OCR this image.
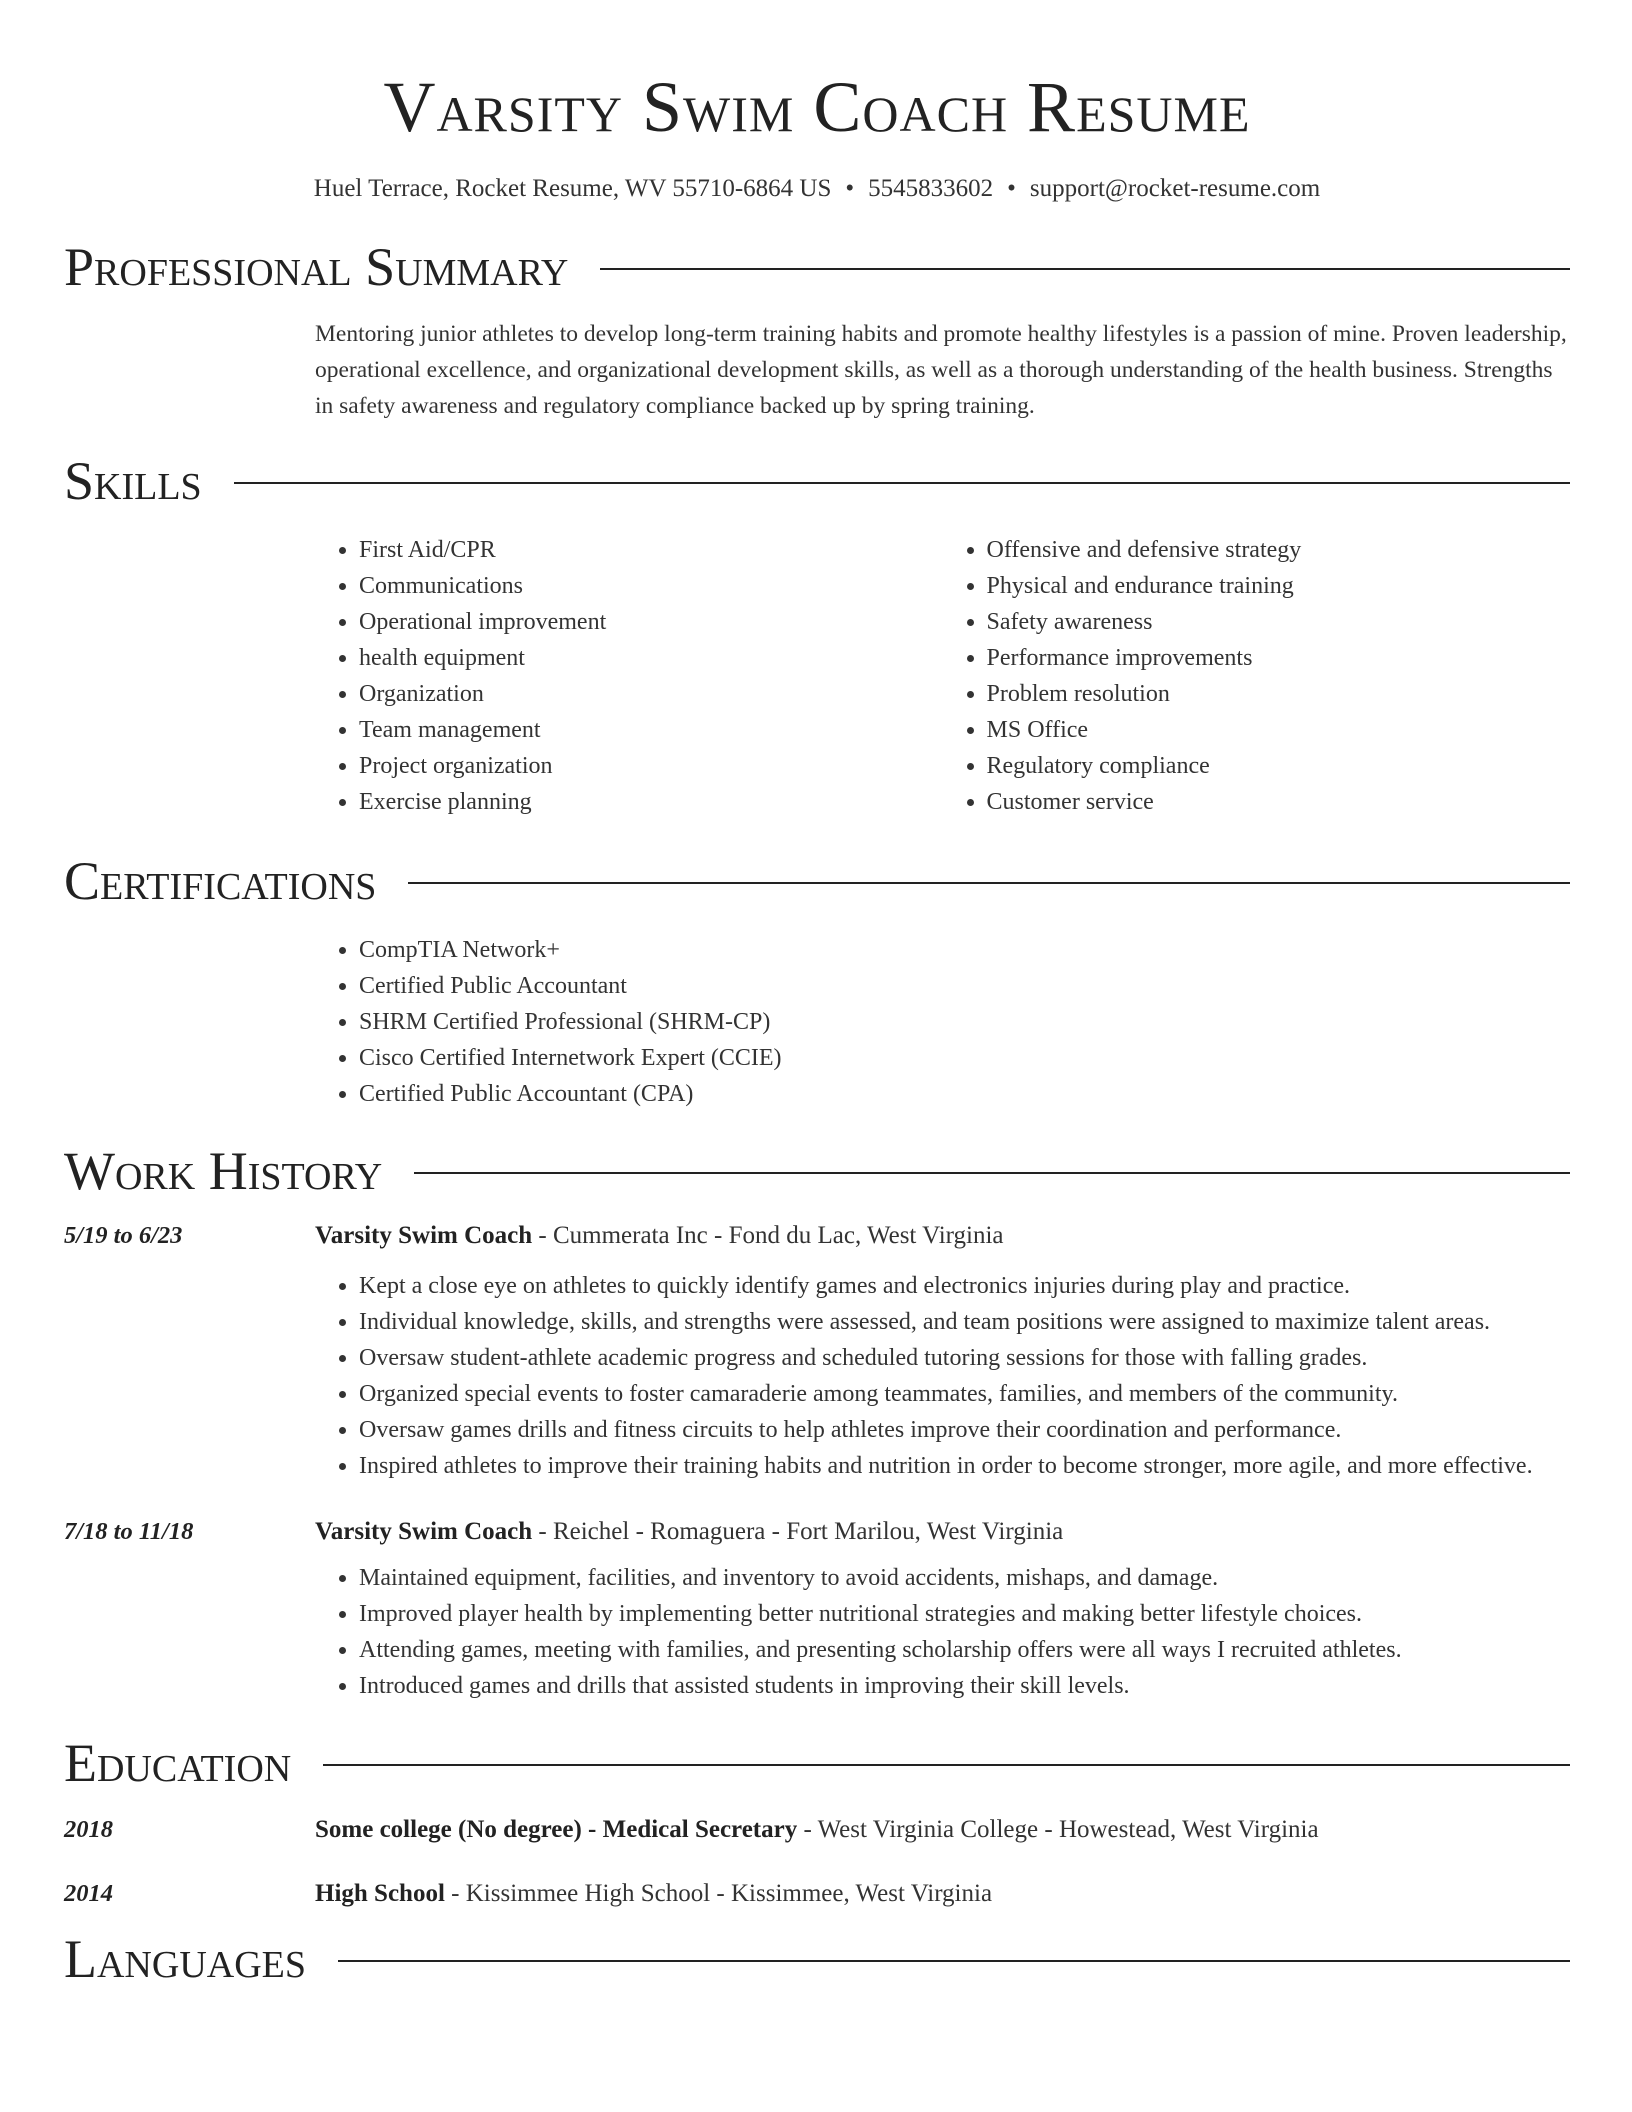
Varsity Swim Coach Resume
Huel Terrace, Rocket Resume, WV 55710-6864 US • 5545833602 • support@rocket-resume.com
Professional Summary
Mentoring junior athletes to develop long-term training habits and promote healthy lifestyles is a passion of mine. Proven leadership, operational excellence, and organizational development skills, as well as a thorough understanding of the health business. Strengths in safety awareness and regulatory compliance backed up by spring training.
Skills
• First Aid/CPR
• Communications
• Operational improvement
• health equipment
• Organization
• Team management
• Project organization
• Exercise planning
• Offensive and defensive strategy
• Physical and endurance training
• Safety awareness
• Performance improvements
• Problem resolution
• MS Office
• Regulatory compliance
• Customer service
Certifications
• CompTIA Network+
• Certified Public Accountant
• SHRM Certified Professional (SHRM-CP)
• Cisco Certified Internetwork Expert (CCIE)
• Certified Public Accountant (CPA)
Work History
5/19 to 6/23	Varsity Swim Coach - Cummerata Inc - Fond du Lac, West Virginia
• Kept a close eye on athletes to quickly identify games and electronics injuries during play and practice.
• Individual knowledge, skills, and strengths were assessed, and team positions were assigned to maximize talent areas.
• Oversaw student-athlete academic progress and scheduled tutoring sessions for those with falling grades.
• Organized special events to foster camaraderie among teammates, families, and members of the community.
• Oversaw games drills and fitness circuits to help athletes improve their coordination and performance.
• Inspired athletes to improve their training habits and nutrition in order to become stronger, more agile, and more effective.
7/18 to 11/18	Varsity Swim Coach - Reichel - Romaguera - Fort Marilou, West Virginia
• Maintained equipment, facilities, and inventory to avoid accidents, mishaps, and damage.
• Improved player health by implementing better nutritional strategies and making better lifestyle choices.
• Attending games, meeting with families, and presenting scholarship offers were all ways I recruited athletes.
• Introduced games and drills that assisted students in improving their skill levels.
Education
2018	Some college (No degree) - Medical Secretary - West Virginia College - Howestead, West Virginia
2014	High School - Kissimmee High School - Kissimmee, West Virginia
Languages
